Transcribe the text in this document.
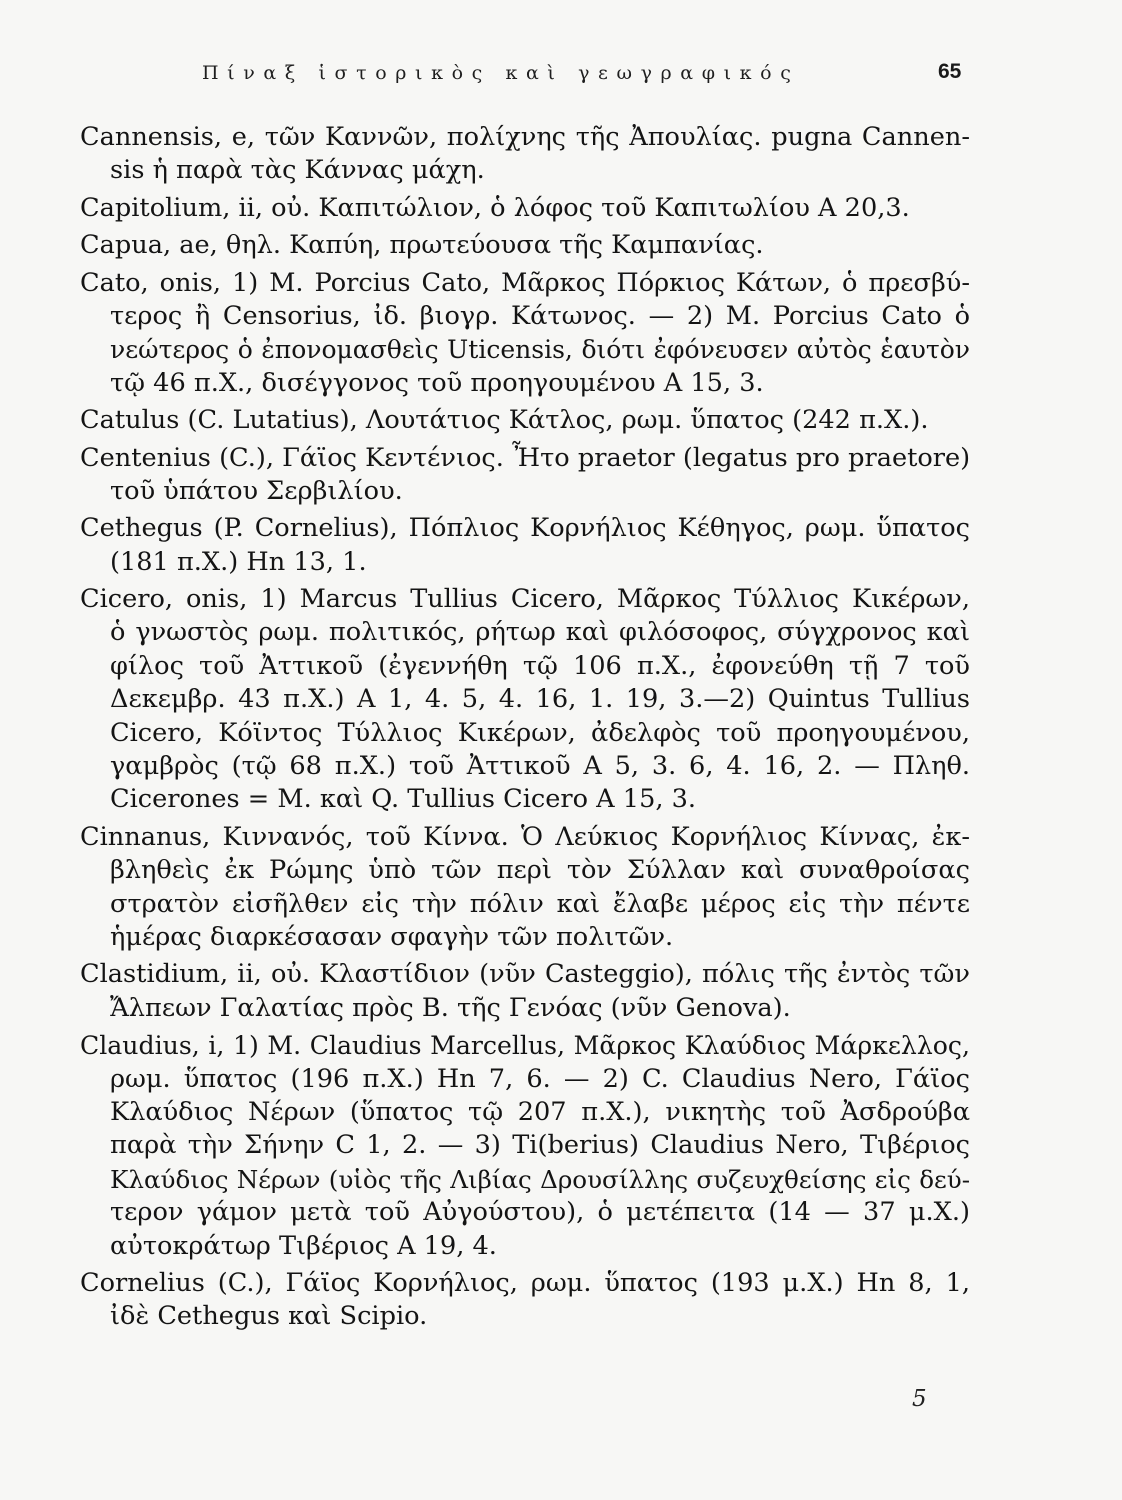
Πίναξ ἱστορικὸς καὶ γεωγραφικός	65
Cannensis, e, τῶν Καννῶν, πολίχνης τῆς Ἀπουλίας. pugna Cannen-
sis ἡ παρὰ τὰς Κάννας μάχη.
Capitolium, ii, οὐ. Καπιτώλιον, ὁ λόφος τοῦ Καπιτωλίου A 20,3.
Capua, ae, θηλ. Καπύη, πρωτεύουσα τῆς Καμπανίας.
Cato, onis, 1) M. Porcius Cato, Μᾶρκος Πόρκιος Κάτων, ὁ πρεσβύ-
τερος ἢ Censorius, ἰδ. βιογρ. Κάτωνος. — 2) M. Porcius Cato ὁ
νεώτερος ὁ ἐπονομασθεὶς Uticensis, διότι ἐφόνευσεν αὐτὸς ἑαυτὸν
τῷ 46 π.Χ., δισέγγονος τοῦ προηγουμένου A 15, 3.
Catulus (C. Lutatius), Λουτάτιος Κάτλος, ρωμ. ὕπατος (242 π.Χ.).
Centenius (C.), Γάϊος Κεντένιος. Ἦτο praetor (legatus pro praetore)
τοῦ ὑπάτου Σερβιλίου.
Cethegus (P. Cornelius), Πόπλιος Κορνήλιος Κέθηγος, ρωμ. ὕπατος
(181 π.Χ.) Hn 13, 1.
Cicero, onis, 1) Marcus Tullius Cicero, Μᾶρκος Τύλλιος Κικέρων,
ὁ γνωστὸς ρωμ. πολιτικός, ρήτωρ καὶ φιλόσοφος, σύγχρονος καὶ
φίλος τοῦ Ἀττικοῦ (ἐγεννήθη τῷ 106 π.Χ., ἐφονεύθη τῇ 7 τοῦ
Δεκεμβρ. 43 π.Χ.) A 1, 4. 5, 4. 16, 1. 19, 3.—2) Quintus Tullius
Cicero, Κόϊντος Τύλλιος Κικέρων, ἀδελφὸς τοῦ προηγουμένου,
γαμβρὸς (τῷ 68 π.Χ.) τοῦ Ἀττικοῦ A 5, 3. 6, 4. 16, 2. — Πληθ.
Cicerones = M. καὶ Q. Tullius Cicero A 15, 3.
Cinnanus, Κιννανός, τοῦ Κίννα. Ὁ Λεύκιος Κορνήλιος Κίννας, ἐκ-
βληθεὶς ἐκ Ρώμης ὑπὸ τῶν περὶ τὸν Σύλλαν καὶ συναθροίσας
στρατὸν εἰσῆλθεν εἰς τὴν πόλιν καὶ ἔλαβε μέρος εἰς τὴν πέντε
ἡμέρας διαρκέσασαν σφαγὴν τῶν πολιτῶν.
Clastidium, ii, οὐ. Κλαστίδιον (νῦν Casteggio), πόλις τῆς ἐντὸς τῶν
Ἄλπεων Γαλατίας πρὸς Β. τῆς Γενόας (νῦν Genova).
Claudius, i, 1) M. Claudius Marcellus, Μᾶρκος Κλαύδιος Μάρκελλος,
ρωμ. ὕπατος (196 π.Χ.) Hn 7, 6. — 2) C. Claudius Nero, Γάϊος
Κλαύδιος Νέρων (ὕπατος τῷ 207 π.Χ.), νικητὴς τοῦ Ἀσδρούβα
παρὰ τὴν Σήνην C 1, 2. — 3) Ti(berius) Claudius Nero, Τιβέριος
Κλαύδιος Νέρων (υἱὸς τῆς Λιβίας Δρουσίλλης συζευχθείσης εἰς δεύ-
τερον γάμον μετὰ τοῦ Αὐγούστου), ὁ μετέπειτα (14 — 37 μ.Χ.)
αὐτοκράτωρ Τιβέριος A 19, 4.
Cornelius (C.), Γάϊος Κορνήλιος, ρωμ. ὕπατος (193 μ.Χ.) Hn 8, 1,
ἰδὲ Cethegus καὶ Scipio.
5
